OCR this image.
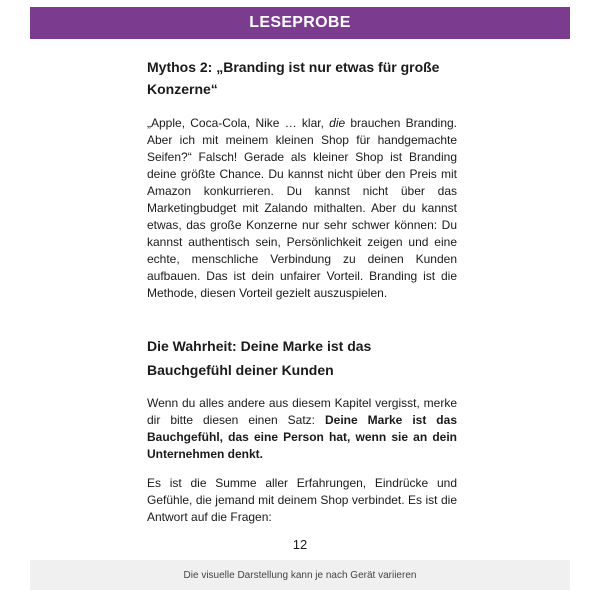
LESEPROBE
Mythos 2: „Branding ist nur etwas für große Konzerne“

„Apple, Coca-Cola, Nike … klar, die brauchen Branding. Aber ich mit meinem kleinen Shop für handgemachte Seifen?“ Falsch! Gerade als kleiner Shop ist Branding deine größte Chance. Du kannst nicht über den Preis mit Amazon konkurrieren. Du kannst nicht über das Marketingbudget mit Zalando mithalten. Aber du kannst etwas, das große Konzerne nur sehr schwer können: Du kannst authentisch sein, Persönlichkeit zeigen und eine echte, menschliche Verbindung zu deinen Kunden aufbauen. Das ist dein unfairer Vorteil. Branding ist die Methode, diesen Vorteil gezielt auszuspielen.

Die Wahrheit: Deine Marke ist das Bauchgefühl deiner Kunden

Wenn du alles andere aus diesem Kapitel vergisst, merke dir bitte diesen einen Satz: Deine Marke ist das Bauchgefühl, das eine Person hat, wenn sie an dein Unternehmen denkt.

Es ist die Summe aller Erfahrungen, Eindrücke und Gefühle, die jemand mit deinem Shop verbindet. Es ist die Antwort auf die Fragen:

12
Die visuelle Darstellung kann je nach Gerät variieren
